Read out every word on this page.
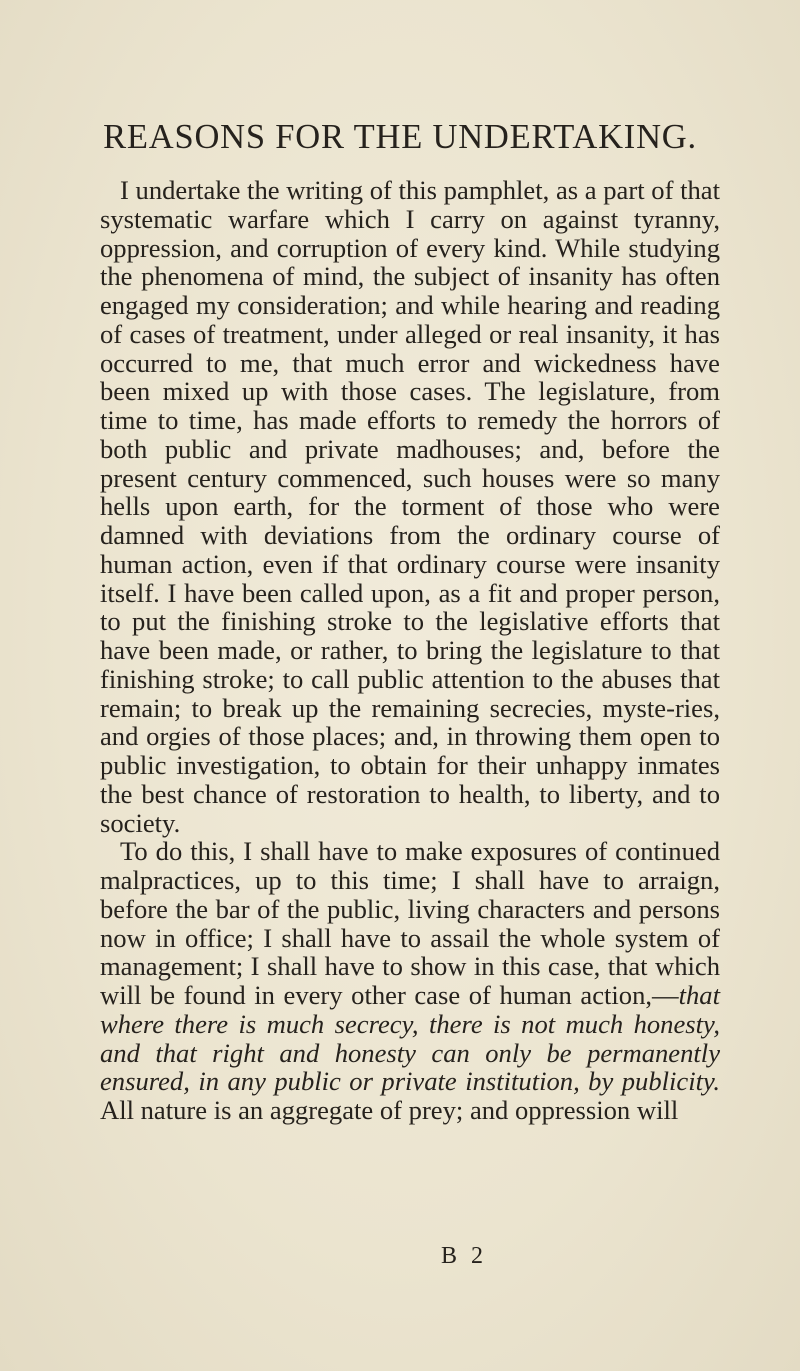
REASONS FOR THE UNDERTAKING.

I undertake the writing of this pamphlet, as a part of that systematic warfare which I carry on against tyranny, oppression, and corruption of every kind. While studying the phenomena of mind, the subject of insanity has often engaged my consideration; and while hearing and reading of cases of treatment, under alleged or real insanity, it has occurred to me, that much error and wickedness have been mixed up with those cases. The legislature, from time to time, has made efforts to remedy the horrors of both public and private madhouses; and, before the present century commenced, such houses were so many hells upon earth, for the torment of those who were damned with deviations from the ordinary course of human action, even if that ordinary course were insanity itself. I have been called upon, as a fit and proper person, to put the finishing stroke to the legislative efforts that have been made, or rather, to bring the legislature to that finishing stroke; to call public attention to the abuses that remain; to break up the remaining secrecies, myste-ries, and orgies of those places; and, in throwing them open to public investigation, to obtain for their unhappy inmates the best chance of restoration to health, to liberty, and to society.

To do this, I shall have to make exposures of continued malpractices, up to this time; I shall have to arraign, before the bar of the public, living characters and persons now in office; I shall have to assail the whole system of management; I shall have to show in this case, that which will be found in every other case of human action,—that where there is much secrecy, there is not much honesty, and that right and honesty can only be permanently ensured, in any public or private institution, by publicity. All nature is an aggregate of prey; and oppression will

B 2
